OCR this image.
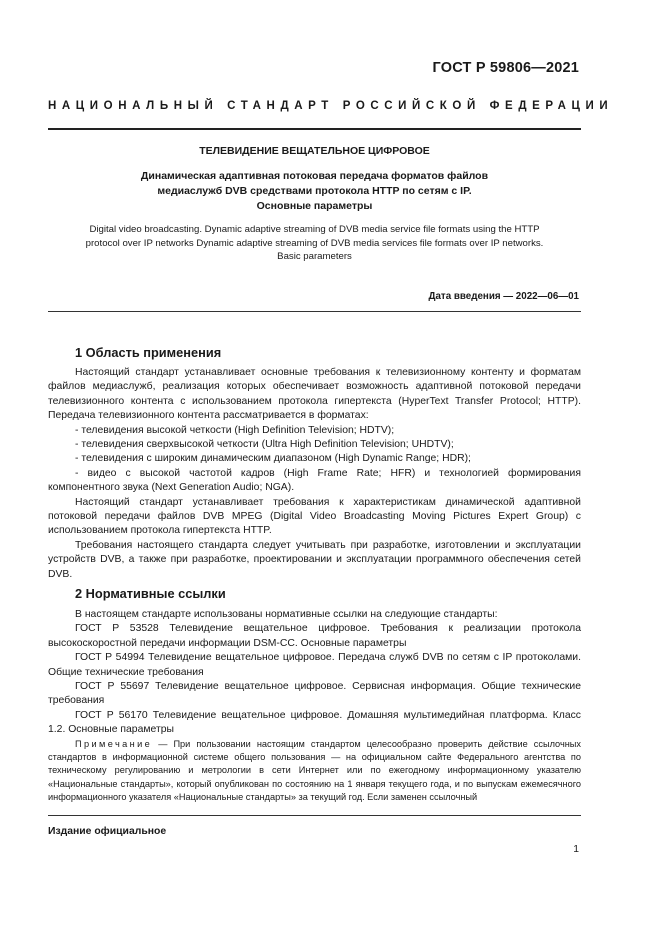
ГОСТ Р 59806—2021
НАЦИОНАЛЬНЫЙ СТАНДАРТ РОССИЙСКОЙ ФЕДЕРАЦИИ
ТЕЛЕВИДЕНИЕ ВЕЩАТЕЛЬНОЕ ЦИФРОВОЕ
Динамическая адаптивная потоковая передача форматов файлов
медиаслужб DVB средствами протокола HTTP по сетям с IP.
Основные параметры
Digital video broadcasting. Dynamic adaptive streaming of DVB media service file formats using the HTTP
protocol over IP networks Dynamic adaptive streaming of DVB media services file formats over IP networks.
Basic parameters
Дата введения — 2022—06—01
1 Область применения

Настоящий стандарт устанавливает основные требования к телевизионному контенту и форматам файлов медиаслужб, реализация которых обеспечивает возможность адаптивной потоковой передачи телевизионного контента с использованием протокола гипертекста (HyperText Transfer Protocol; HTTP). Передача телевизионного контента рассматривается в форматах:

- телевидения высокой четкости (High Definition Television; HDTV);

- телевидения сверхвысокой четкости (Ultra High Definition Television; UHDTV);

- телевидения с широким динамическим диапазоном (High Dynamic Range; HDR);

- видео с высокой частотой кадров (High Frame Rate; HFR) и технологией формирования компонентного звука (Next Generation Audio; NGA).

Настоящий стандарт устанавливает требования к характеристикам динамической адаптивной потоковой передачи файлов DVB MPEG (Digital Video Broadcasting Moving Pictures Expert Group) с использованием протокола гипертекста HTTP.

Требования настоящего стандарта следует учитывать при разработке, изготовлении и эксплуатации устройств DVB, а также при разработке, проектировании и эксплуатации программного обеспечения сетей DVB.

2 Нормативные ссылки

В настоящем стандарте использованы нормативные ссылки на следующие стандарты:

ГОСТ Р 53528 Телевидение вещательное цифровое. Требования к реализации протокола высокоскоростной передачи информации DSM-CC. Основные параметры

ГОСТ Р 54994 Телевидение вещательное цифровое. Передача служб DVB по сетям с IP протоколами. Общие технические требования

ГОСТ Р 55697 Телевидение вещательное цифровое. Сервисная информация. Общие технические требования

ГОСТ Р 56170 Телевидение вещательное цифровое. Домашняя мультимедийная платформа. Класс 1.2. Основные параметры

Примечание — При пользовании настоящим стандартом целесообразно проверить действие ссылочных стандартов в информационной системе общего пользования — на официальном сайте Федерального агентства по техническому регулированию и метрологии в сети Интернет или по ежегодному информационному указателю «Национальные стандарты», который опубликован по состоянию на 1 января текущего года, и по выпускам ежемесячного информационного указателя «Национальные стандарты» за текущий год. Если заменен ссылочный

Издание официальное
1
